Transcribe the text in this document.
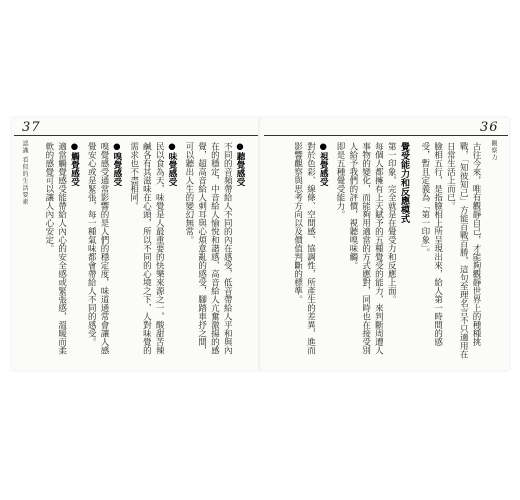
37	36
認識 看似的生活要素	觀察力

古往今來，唯有觀靜自己，才能夠觀靜世界上的種種挑戰，「知彼知己」方能百戰百勝，這句至理名言不只適用在日常生活上而已。

臉相五行，是指臉相上所呈現出來，給人第一時間的感受，暫且定義為「第一印象」。

覺受能力和反應模式

第一印象，完全就是在覺受力和反應上面。

每個人都擁有上天賦予的五種覺受的能力，來判斷周遭人事物的變化，而能夠用適當的方式應對，同時也在接受別人給予我們的評價，視聽嗅味觸。

即是五種覺受能力。

●視覺感受

對於色彩、線條、空間感、協調性，所產生的差異，進而影響觀察與思考方向以及價值判斷的標準。

●聽覺感受

不同的音頻帶給人不同的內在感受，低音帶給人平和與內在的穩定，中音給人愉悅和諧感，高音給人亢奮激揚的感覺，超高音給人刺耳與心煩意亂的感受，腳踏車抒之間，可以聽出人生的變幻無常。

●味覺感受

民以食為天，味覺是人最重要的快樂來源之一，酸甜苦辣鹹各有其滋味在心頭，所以不同的心境之下，人對味覺的需求也不盡相同。

●嗅覺感受

嗅覺感受通常影響的是人們的穩定度，味道通常會讓人感覺安心或是緊張，每一種氣味都會帶給人不同的感受。

●觸覺感受

適當觸覺感受能帶給人內心的安全感或緊張感，溫暖而柔軟的感覺可以讓人內心安定。
